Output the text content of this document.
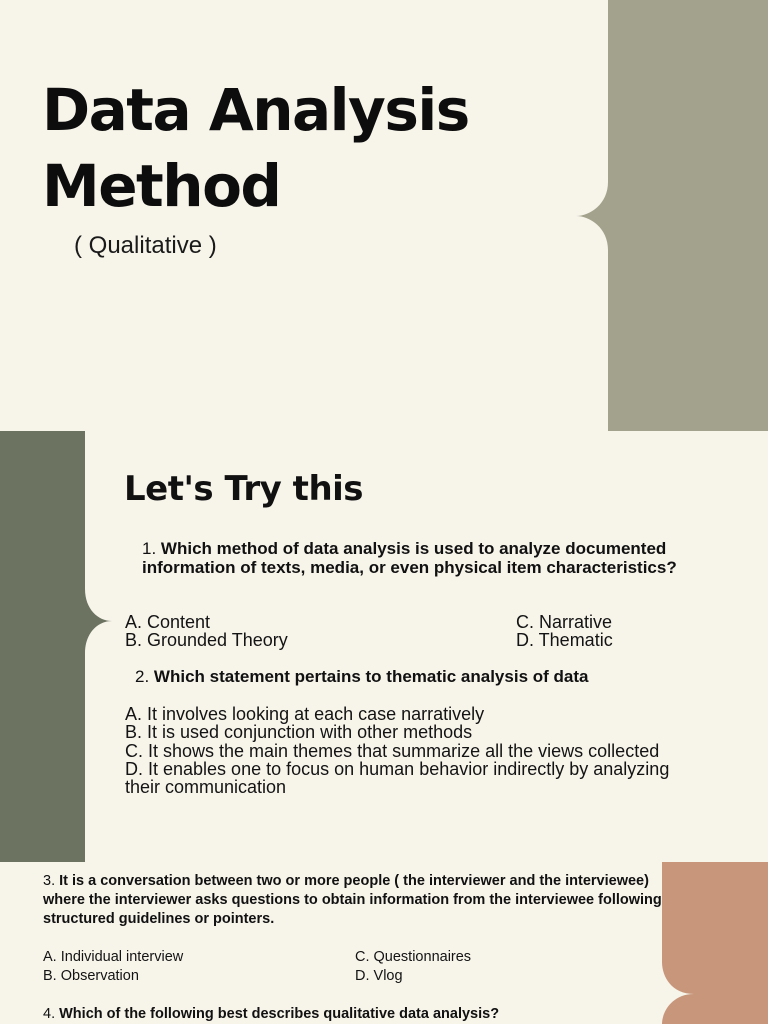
Data Analysis
Method

( Qualitative )

Let's Try this

1. Which method of data analysis is used to analyze documented information of texts, media, or even physical item characteristics?

A. Content

B. Grounded Theory

C. Narrative

D. Thematic

2. Which statement pertains to thematic analysis of data

A. It involves looking at each case narratively
B. It is used conjunction with other methods
C. It shows the main themes that summarize all the views collected
D. It enables one to focus on human behavior indirectly by analyzing their communication

3. It is a conversation between two or more people ( the interviewer and the interviewee) where the interviewer asks questions to obtain information from the interviewee following structured guidelines or pointers.

A. Individual interview

B. Observation

C. Questionnaires

D. Vlog

4. Which of the following best describes qualitative data analysis?
